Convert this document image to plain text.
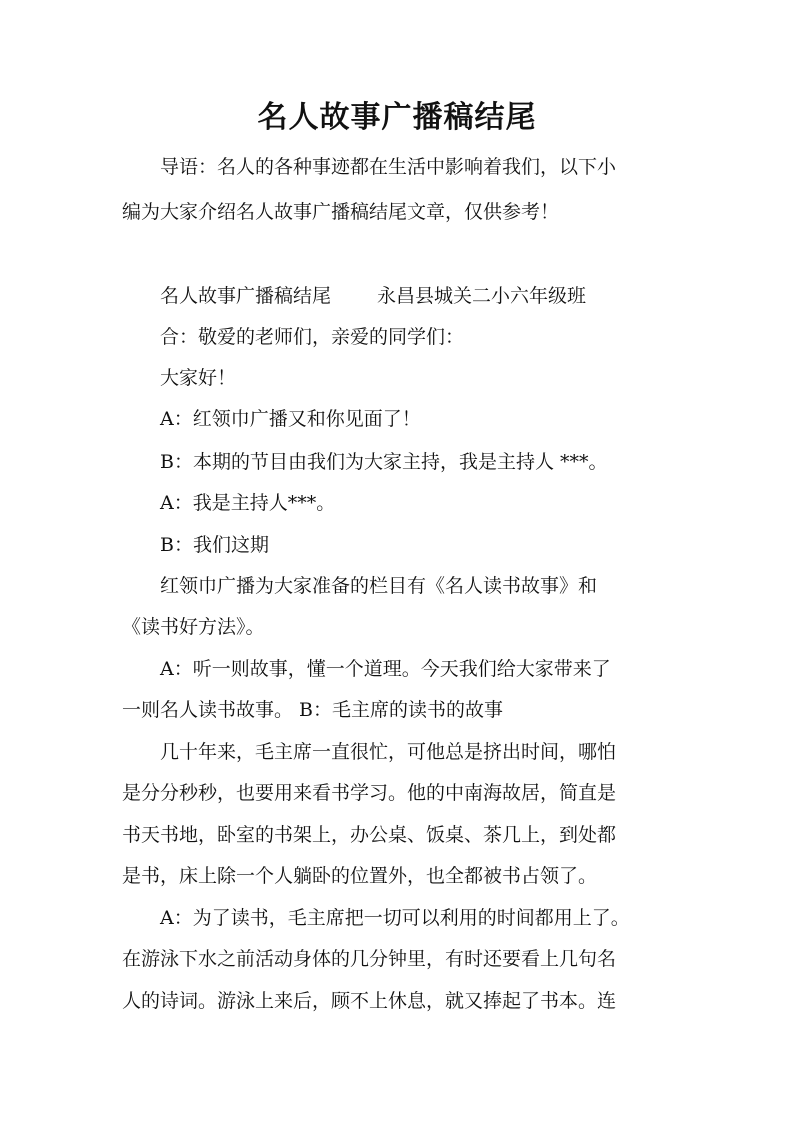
名人故事广播稿结尾
导语：名人的各种事迹都在生活中影响着我们，以下小
编为大家介绍名人故事广播稿结尾文章，仅供参考！
名人故事广播稿结尾 永昌县城关二小六年级班
合：敬爱的老师们，亲爱的同学们：
大家好！
A：红领巾广播又和你见面了！
B：本期的节目由我们为大家主持，我是主持人 ***。
A：我是主持人***。
B：我们这期
红领巾广播为大家准备的栏目有《名人读书故事》和
《读书好方法》。
A：听一则故事，懂一个道理。今天我们给大家带来了
一则名人读书故事。 B：毛主席的读书的故事
几十年来，毛主席一直很忙，可他总是挤出时间，哪怕
是分分秒秒，也要用来看书学习。他的中南海故居，简直是
书天书地，卧室的书架上，办公桌、饭桌、茶几上，到处都
是书，床上除一个人躺卧的位置外，也全都被书占领了。
A：为了读书，毛主席把一切可以利用的时间都用上了。
在游泳下水之前活动身体的几分钟里，有时还要看上几句名
人的诗词。游泳上来后，顾不上休息，就又捧起了书本。连
